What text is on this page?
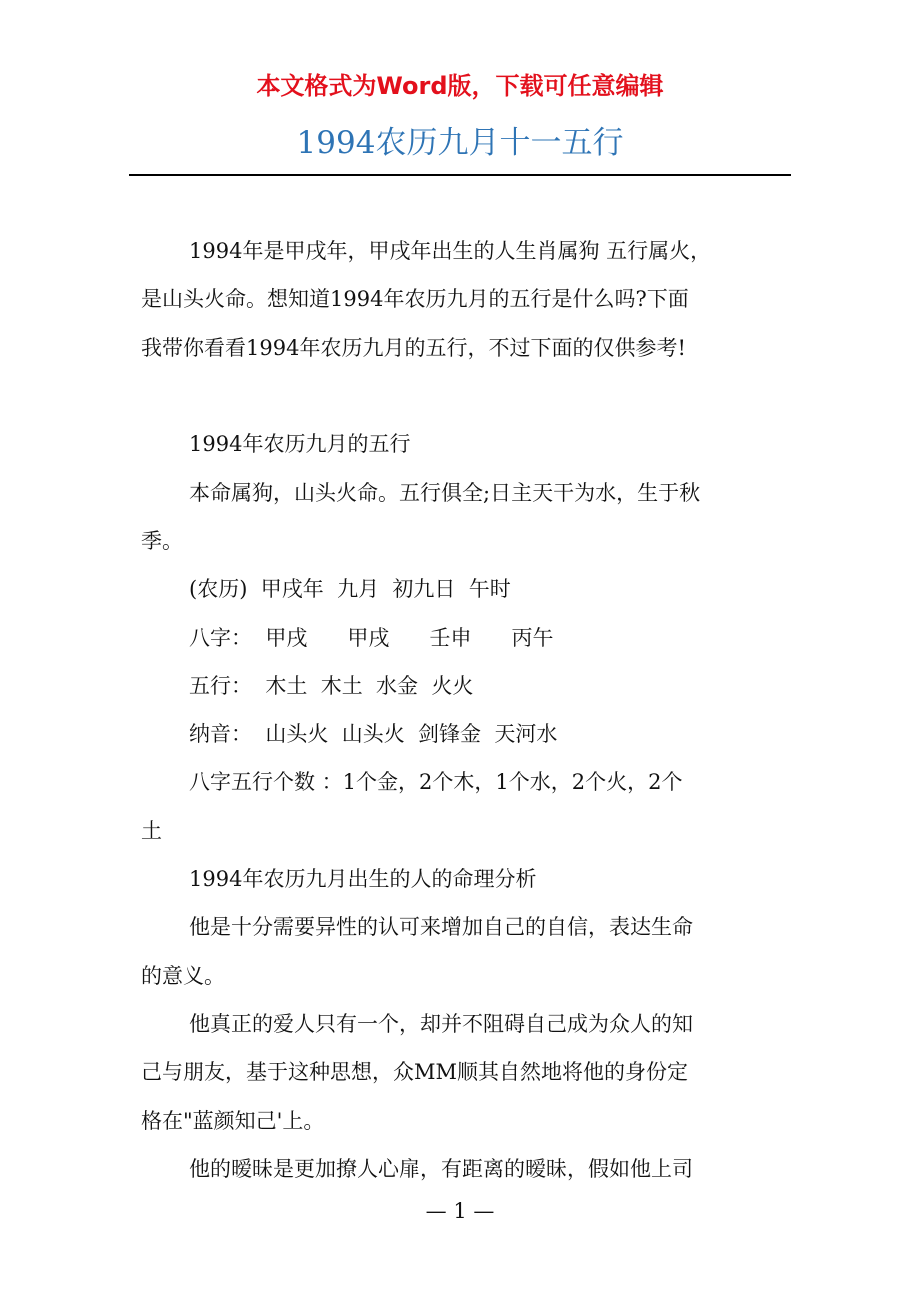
本文格式为Word版，下载可任意编辑
1994农历九月十一五行
1994年是甲戌年，甲戌年出生的人生肖属狗 五行属火，
是山头火命。想知道1994年农历九月的五行是什么吗?下面
我带你看看1994年农历九月的五行，不过下面的仅供参考!
1994年农历九月的五行
本命属狗，山头火命。五行俱全;日主天干为水，生于秋
季。
(农历)  甲戌年  九月  初九日  午时
八字：  甲戌      甲戌      壬申      丙午
五行：  木土  木土  水金  火火
纳音：  山头火  山头火  剑锋金  天河水
八字五行个数 ：1个金，2个木，1个水，2个火，2个
土
1994年农历九月出生的人的命理分析
他是十分需要异性的认可来增加自己的自信，表达生命
的意义。
他真正的爱人只有一个，却并不阻碍自己成为众人的知
己与朋友，基于这种思想，众MM顺其自然地将他的身份定
格在"蓝颜知己'上。
他的暧昧是更加撩人心扉，有距离的暧昧，假如他上司
— 1 —
